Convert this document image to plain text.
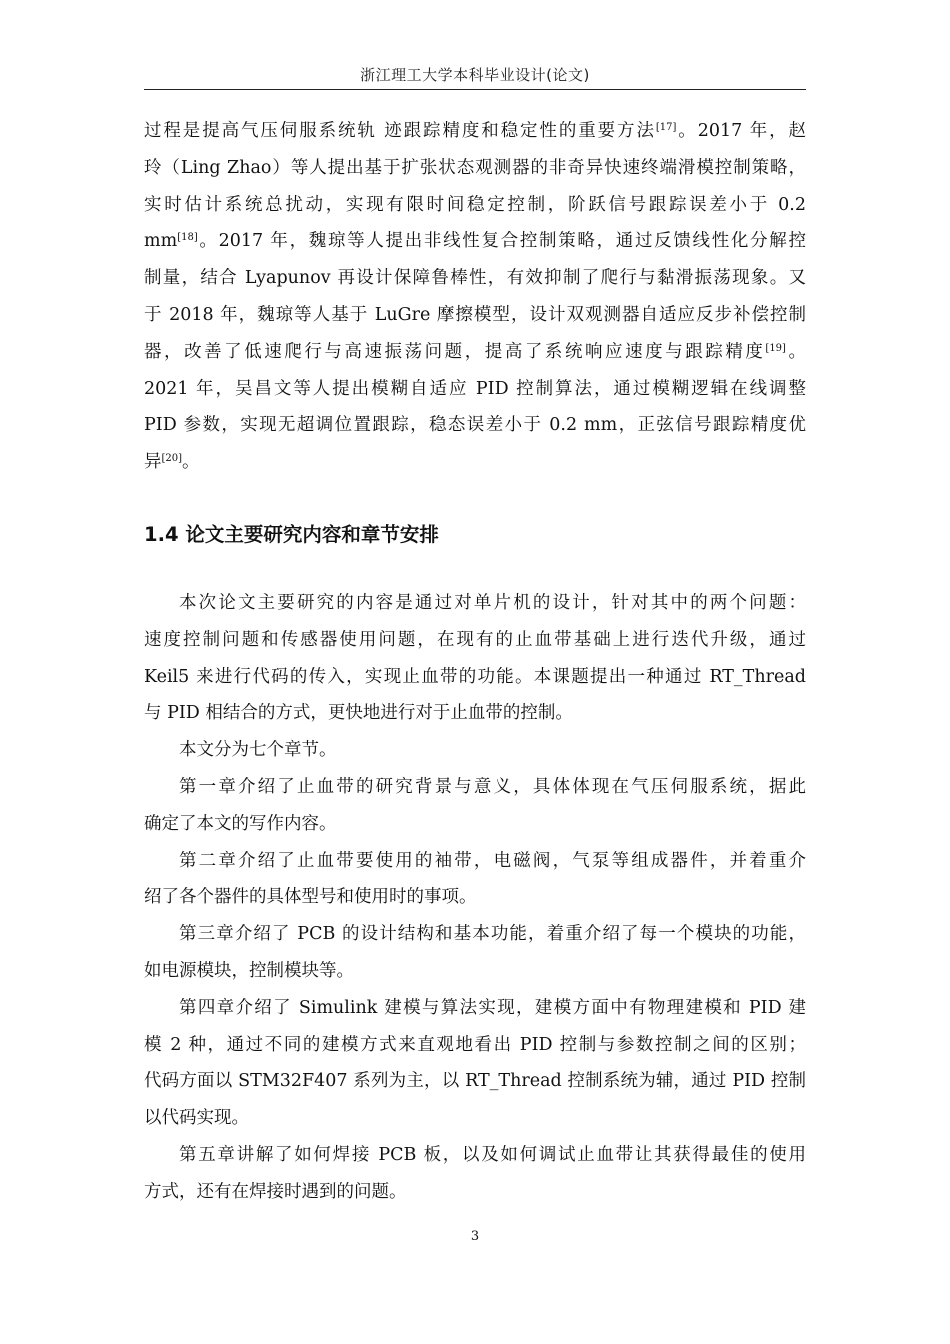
浙江理工大学本科毕业设计(论文)
过程是提高气压伺服系统轨 迹跟踪精度和稳定性的重要方法[17]。2017 年，赵
玲（Ling Zhao）等人提出基于扩张状态观测器的非奇异快速终端滑模控制策略，
实时估计系统总扰动，实现有限时间稳定控制，阶跃信号跟踪误差小于 0.2
mm[18]。2017 年，魏琼等人提出非线性复合控制策略，通过反馈线性化分解控
制量，结合 Lyapunov 再设计保障鲁棒性，有效抑制了爬行与黏滑振荡现象。又
于 2018 年，魏琼等人基于 LuGre 摩擦模型，设计双观测器自适应反步补偿控制
器，改善了低速爬行与高速振荡问题，提高了系统响应速度与跟踪精度[19]。
2021 年，吴昌文等人提出模糊自适应 PID 控制算法，通过模糊逻辑在线调整
PID 参数，实现无超调位置跟踪，稳态误差小于 0.2 mm，正弦信号跟踪精度优
异[20]。
1.4 论文主要研究内容和章节安排
本次论文主要研究的内容是通过对单片机的设计，针对其中的两个问题：
速度控制问题和传感器使用问题，在现有的止血带基础上进行迭代升级，通过
Keil5 来进行代码的传入，实现止血带的功能。本课题提出一种通过 RT_Thread
与 PID 相结合的方式，更快地进行对于止血带的控制。
本文分为七个章节。
第一章介绍了止血带的研究背景与意义，具体体现在气压伺服系统，据此
确定了本文的写作内容。
第二章介绍了止血带要使用的袖带，电磁阀，气泵等组成器件，并着重介
绍了各个器件的具体型号和使用时的事项。
第三章介绍了 PCB 的设计结构和基本功能，着重介绍了每一个模块的功能，
如电源模块，控制模块等。
第四章介绍了 Simulink 建模与算法实现，建模方面中有物理建模和 PID 建
模 2 种，通过不同的建模方式来直观地看出 PID 控制与参数控制之间的区别；
代码方面以 STM32F407 系列为主，以 RT_Thread 控制系统为辅，通过 PID 控制
以代码实现。
第五章讲解了如何焊接 PCB 板，以及如何调试止血带让其获得最佳的使用
方式，还有在焊接时遇到的问题。
3
